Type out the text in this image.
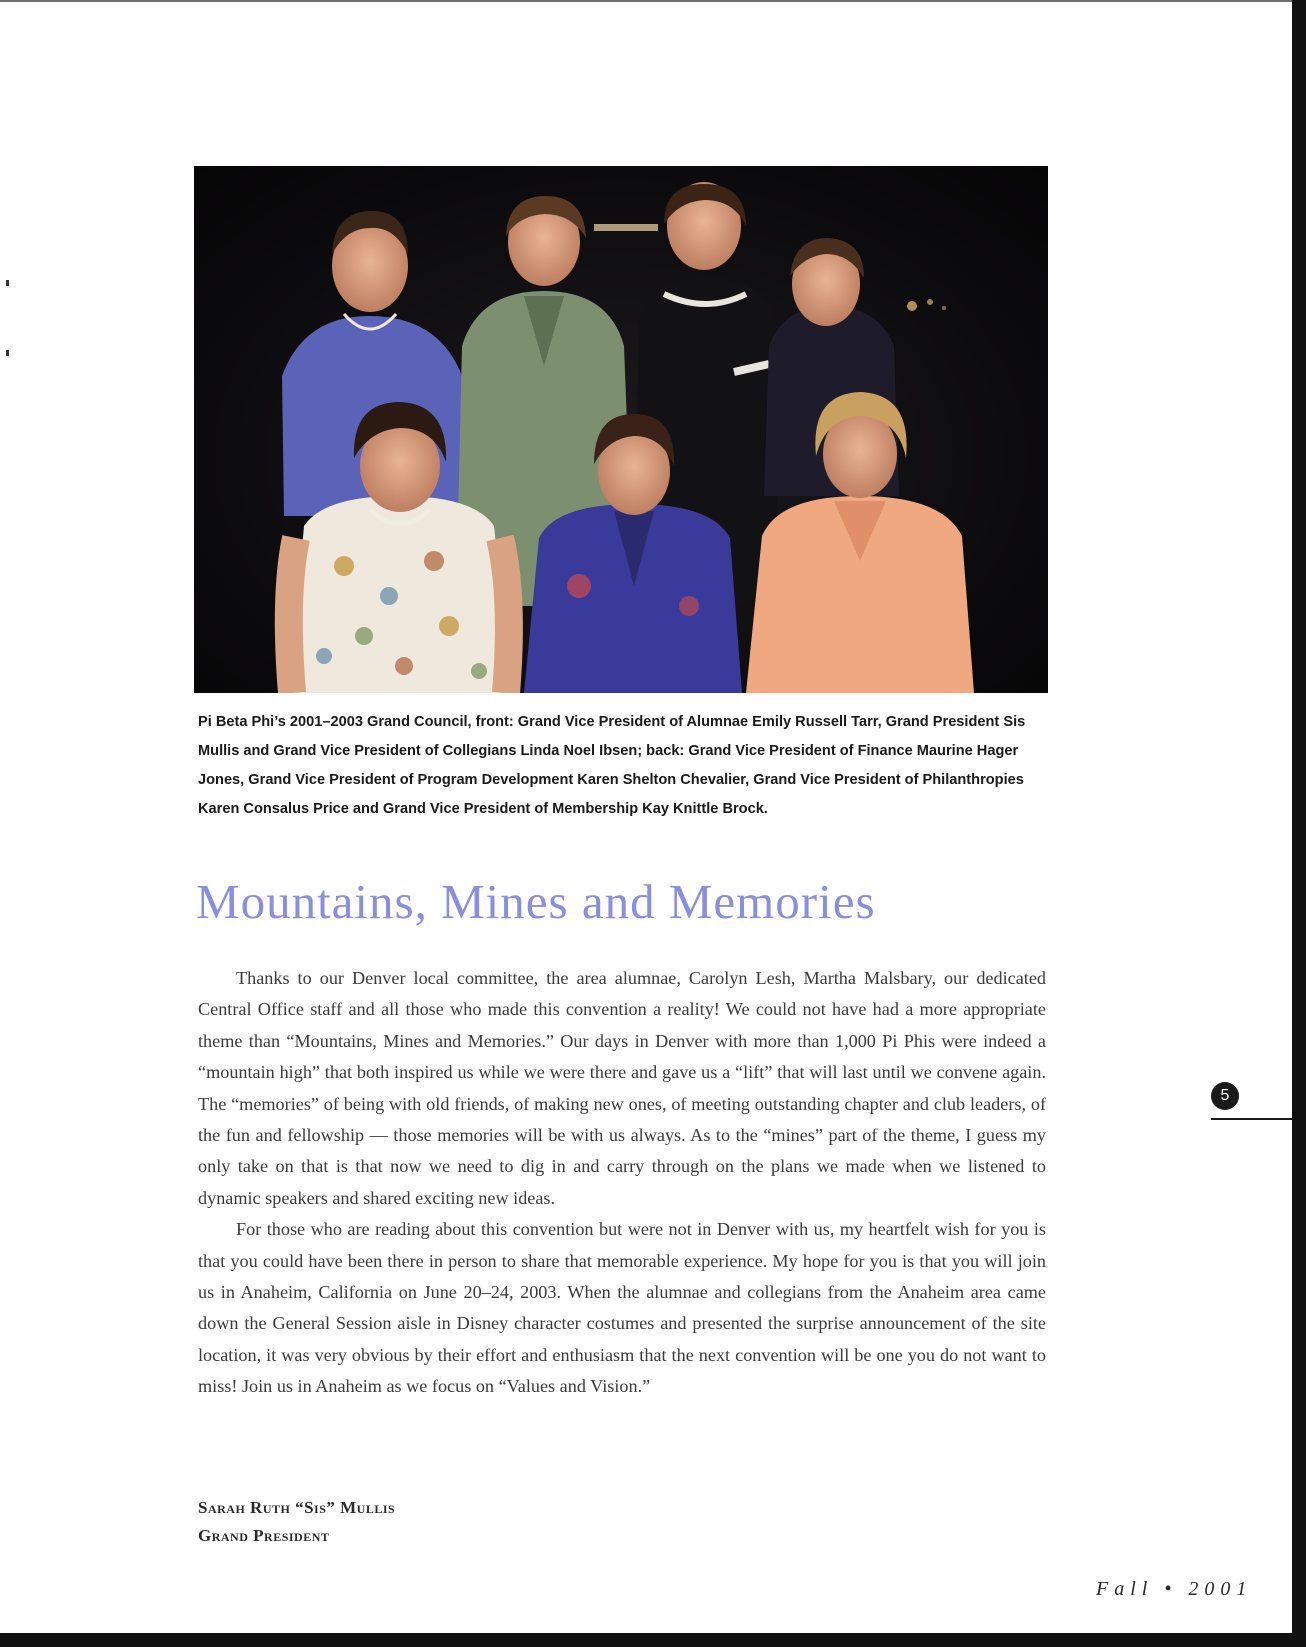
Pi Beta Phi’s 2001–2003 Grand Council, front: Grand Vice President of Alumnae Emily Russell Tarr, Grand President Sis Mullis and Grand Vice President of Collegians Linda Noel Ibsen; back: Grand Vice President of Finance Maurine Hager Jones, Grand Vice President of Program Development Karen Shelton Chevalier, Grand Vice President of Philanthropies Karen Consalus Price and Grand Vice President of Membership Kay Knittle Brock.

Mountains, Mines and Memories

Thanks to our Denver local committee, the area alumnae, Carolyn Lesh, Martha Malsbary, our dedicated Central Office staff and all those who made this convention a reality! We could not have had a more appropriate theme than “Mountains, Mines and Memories.” Our days in Denver with more than 1,000 Pi Phis were indeed a “mountain high” that both inspired us while we were there and gave us a “lift” that will last until we convene again. The “memories” of being with old friends, of making new ones, of meeting outstanding chapter and club leaders, of the fun and fellowship — those memories will be with us always. As to the “mines” part of the theme, I guess my only take on that is that now we need to dig in and carry through on the plans we made when we listened to dynamic speakers and shared exciting new ideas.

For those who are reading about this convention but were not in Denver with us, my heartfelt wish for you is that you could have been there in person to share that memorable experience. My hope for you is that you will join us in Anaheim, California on June 20–24, 2003. When the alumnae and collegians from the Anaheim area came down the General Session aisle in Disney character costumes and presented the surprise announcement of the site location, it was very obvious by their effort and enthusiasm that the next convention will be one you do not want to miss! Join us in Anaheim as we focus on “Values and Vision.”

Sarah Ruth “Sis” Mullis
Grand President
5
Fall • 2001
